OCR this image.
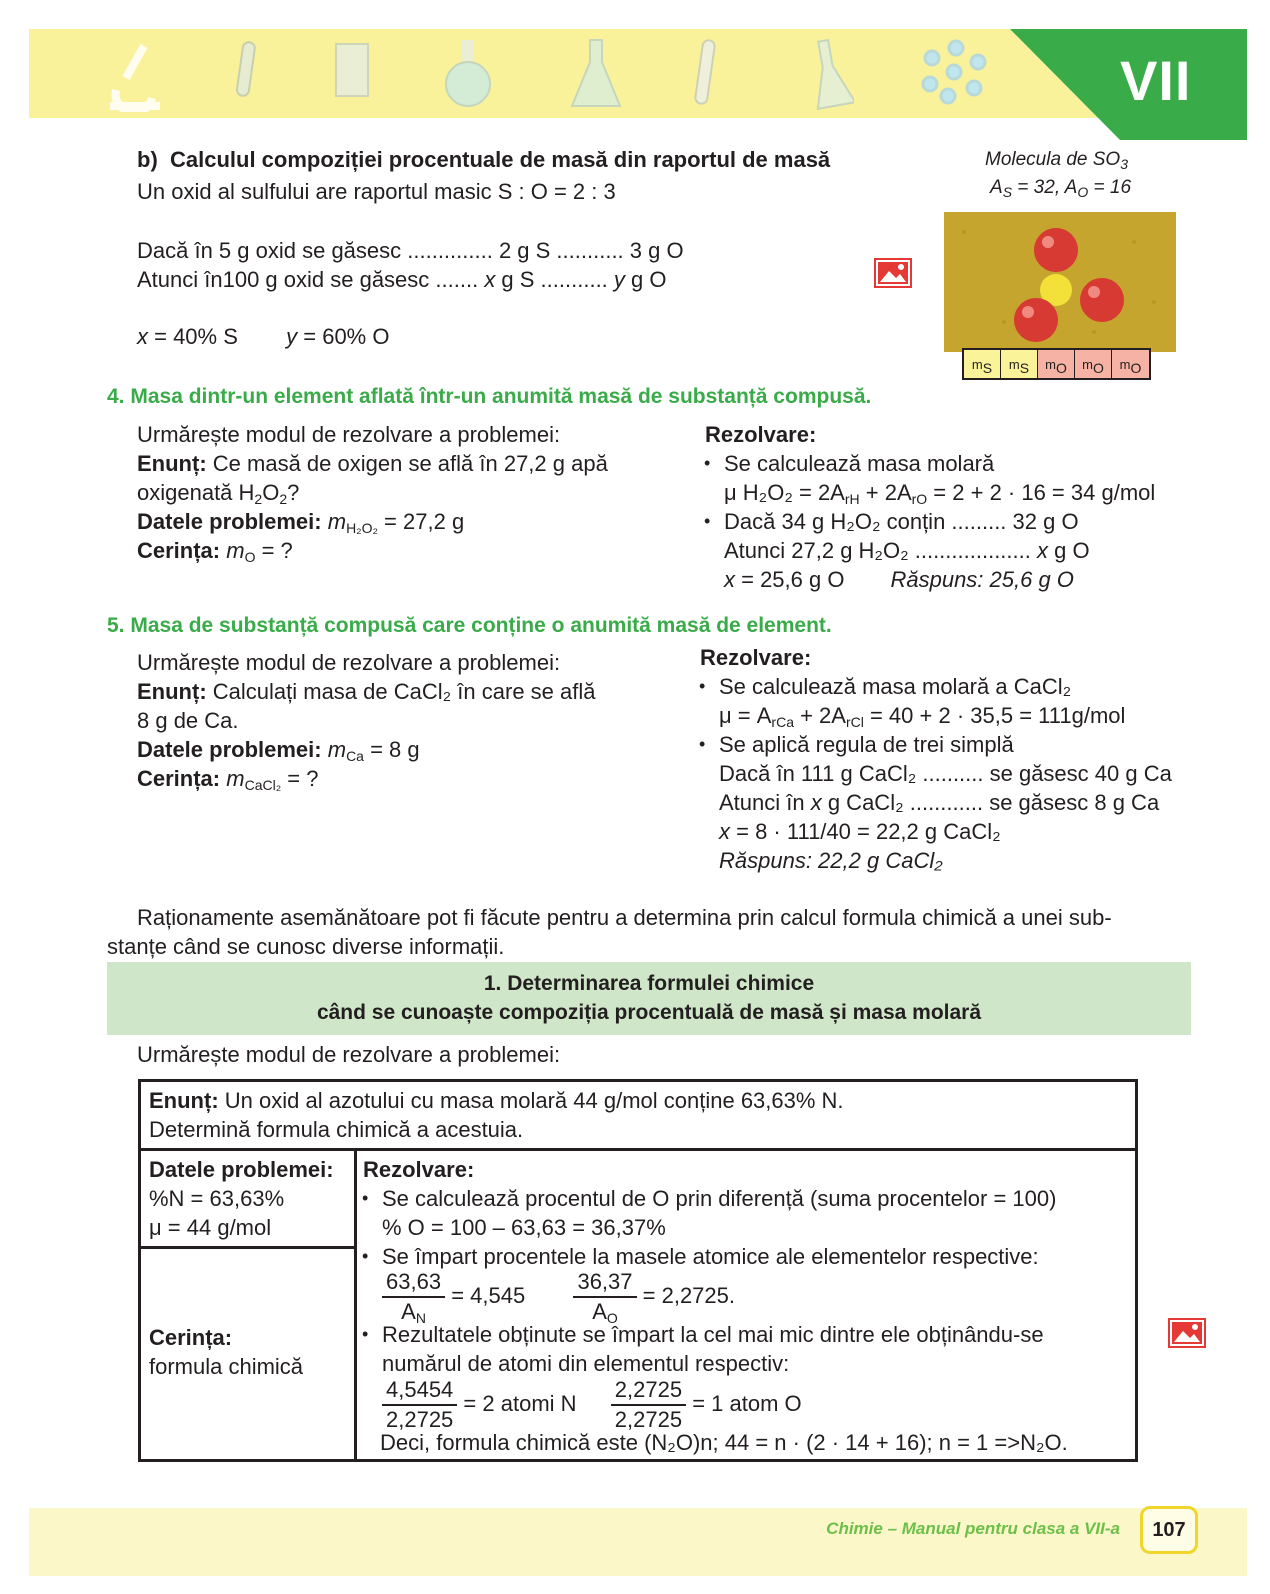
VII
b) Calculul compoziției procentuale de masă din raportul de masă
Un oxid al sulfului are raportul masic S : O = 2 : 3
Dacă în 5 g oxid se găsesc .............. 2 g S ........... 3 g O
Atunci în100 g oxid se găsesc ....... x g S ........... y g O
x = 40% S y = 60% O
Molecula de $SO_3$
$A_S = 32$, $A_O = 16$
mS mS mO mO mO
4. Masa dintr-un element aflată într-un anumită masă de substanță compusă.
Urmărește modul de rezolvare a problemei:
Enunț: Ce masă de oxigen se află în 27,2 g apă
oxigenată $H_2O_2$?
Datele problemei: $m_{H_2O_2} = 27,2$ g
Cerința: $m_O$ = ?
Rezolvare:
• Se calculează masa molară
μ $H_2O_2 = 2A_{rH} + 2A_{rO} = 2 + 2 \cdot 16 = 34$ g/mol
• Dacă 34 g H₂O₂ conțin ......... 32 g O
Atunci 27,2 g H₂O₂ ................... x g O
x = 25,6 g O Răspuns: 25,6 g O
5. Masa de substanță compusă care conține o anumită masă de element.
Urmărește modul de rezolvare a problemei:
Enunț: Calculați masa de CaCl₂ în care se află
8 g de Ca.
Datele problemei: $m_{Ca} = 8$ g
Cerința: $m_{CaCl_2}$ = ?
Rezolvare:
• Se calculează masa molară a CaCl₂
$\mu = A_{rCa} + 2A_{rCl} = 40 + 2 \cdot 35,5 = 111g/mol$
• Se aplică regula de trei simplă
Dacă în 111 g CaCl₂ .......... se găsesc 40 g Ca
Atunci în x g CaCl₂ ............ se găsesc 8 g Ca
x = 8 · 111/40 = 22,2 g CaCl₂
Răspuns: 22,2 g CaCl₂
Raționamente asemănătoare pot fi făcute pentru a determina prin calcul formula chimică a unei sub-
stanțe când se cunosc diverse informații.
1. Determinarea formulei chimice
când se cunoaște compoziția procentuală de masă și masa molară
Urmărește modul de rezolvare a problemei:
Enunț: Un oxid al azotului cu masa molară 44 g/mol conține 63,63% N.
Determină formula chimică a acestuia.
Datele problemei:
%N = 63,63%
μ = 44 g/mol
Cerința:
formula chimică
Rezolvare:
• Se calculează procentul de O prin diferență (suma procentelor = 100)
% O = 100 – 63,63 = 36,37%
• Se împart procentele la masele atomice ale elementelor respective:
$\frac{63,63}{A_N} = 4,545 \frac{36,37}{A_O} = 2,2725$.
• Rezultatele obținute se împart la cel mai mic dintre ele obținându-se
numărul de atomi din elementul respectiv:
$\frac{4,5454}{2,2725} = 2$ atomi N $\frac{2,2725}{2,2725} = 1$ atom O
Deci, formula chimică este (N₂O)n; 44 = n · (2 · 14 + 16); n = 1 =>N₂O.
Chimie – Manual pentru clasa a VII-a	107
